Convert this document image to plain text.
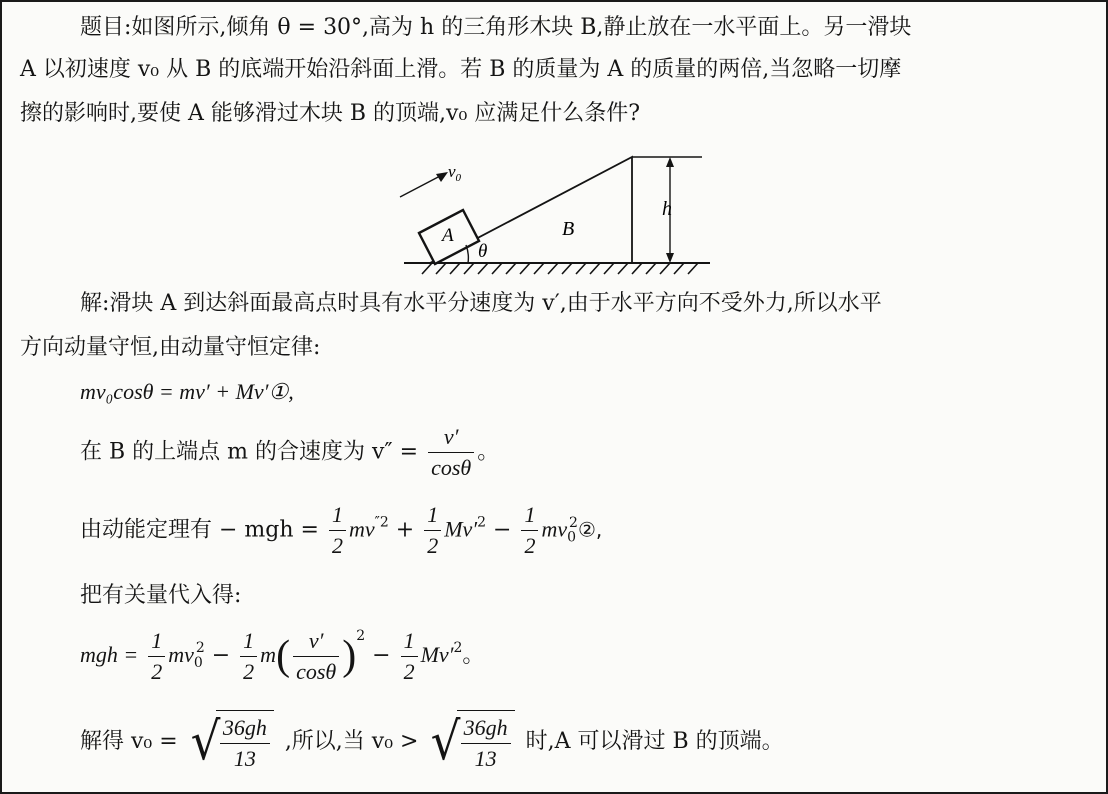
题目:如图所示,倾角 θ = 30°,高为 h 的三角形木块 B,静止放在一水平面上。另一滑块
A 以初速度 v₀ 从 B 的底端开始沿斜面上滑。若 B 的质量为 A 的质量的两倍,当忽略一切摩
擦的影响时,要使 A 能够滑过木块 B 的顶端,v₀ 应满足什么条件?
h
A
θ
B
$v_0$
解:滑块 A 到达斜面最高点时具有水平分速度为 v′,由于水平方向不受外力,所以水平
方向动量守恒,由动量守恒定律:
mv₀cosθ = mv′ + Mv′①,
在 B 的上端点 m 的合速度为 $v'' = \frac{v'}{\cos\theta}$ 。
由动能定理有 − mgh = $\frac{1}{2} mv^{''2} + \frac{1}{2} Mv'^2 - \frac{1}{2}$ $mv_0^2②$,
把有关量代入得:
mgh = $\frac{1}{2} mv_0^2 - \frac{1}{2} m( \frac{v'}{\cos\theta} )^2 - \frac{1}{2} Mv'^2$。
解得 v₀ = √ $\frac{36gh}{13}$ ,所以,当 v₀ > √ $\frac{36gh}{13}$ 时,A 可以滑过 B 的顶端。
